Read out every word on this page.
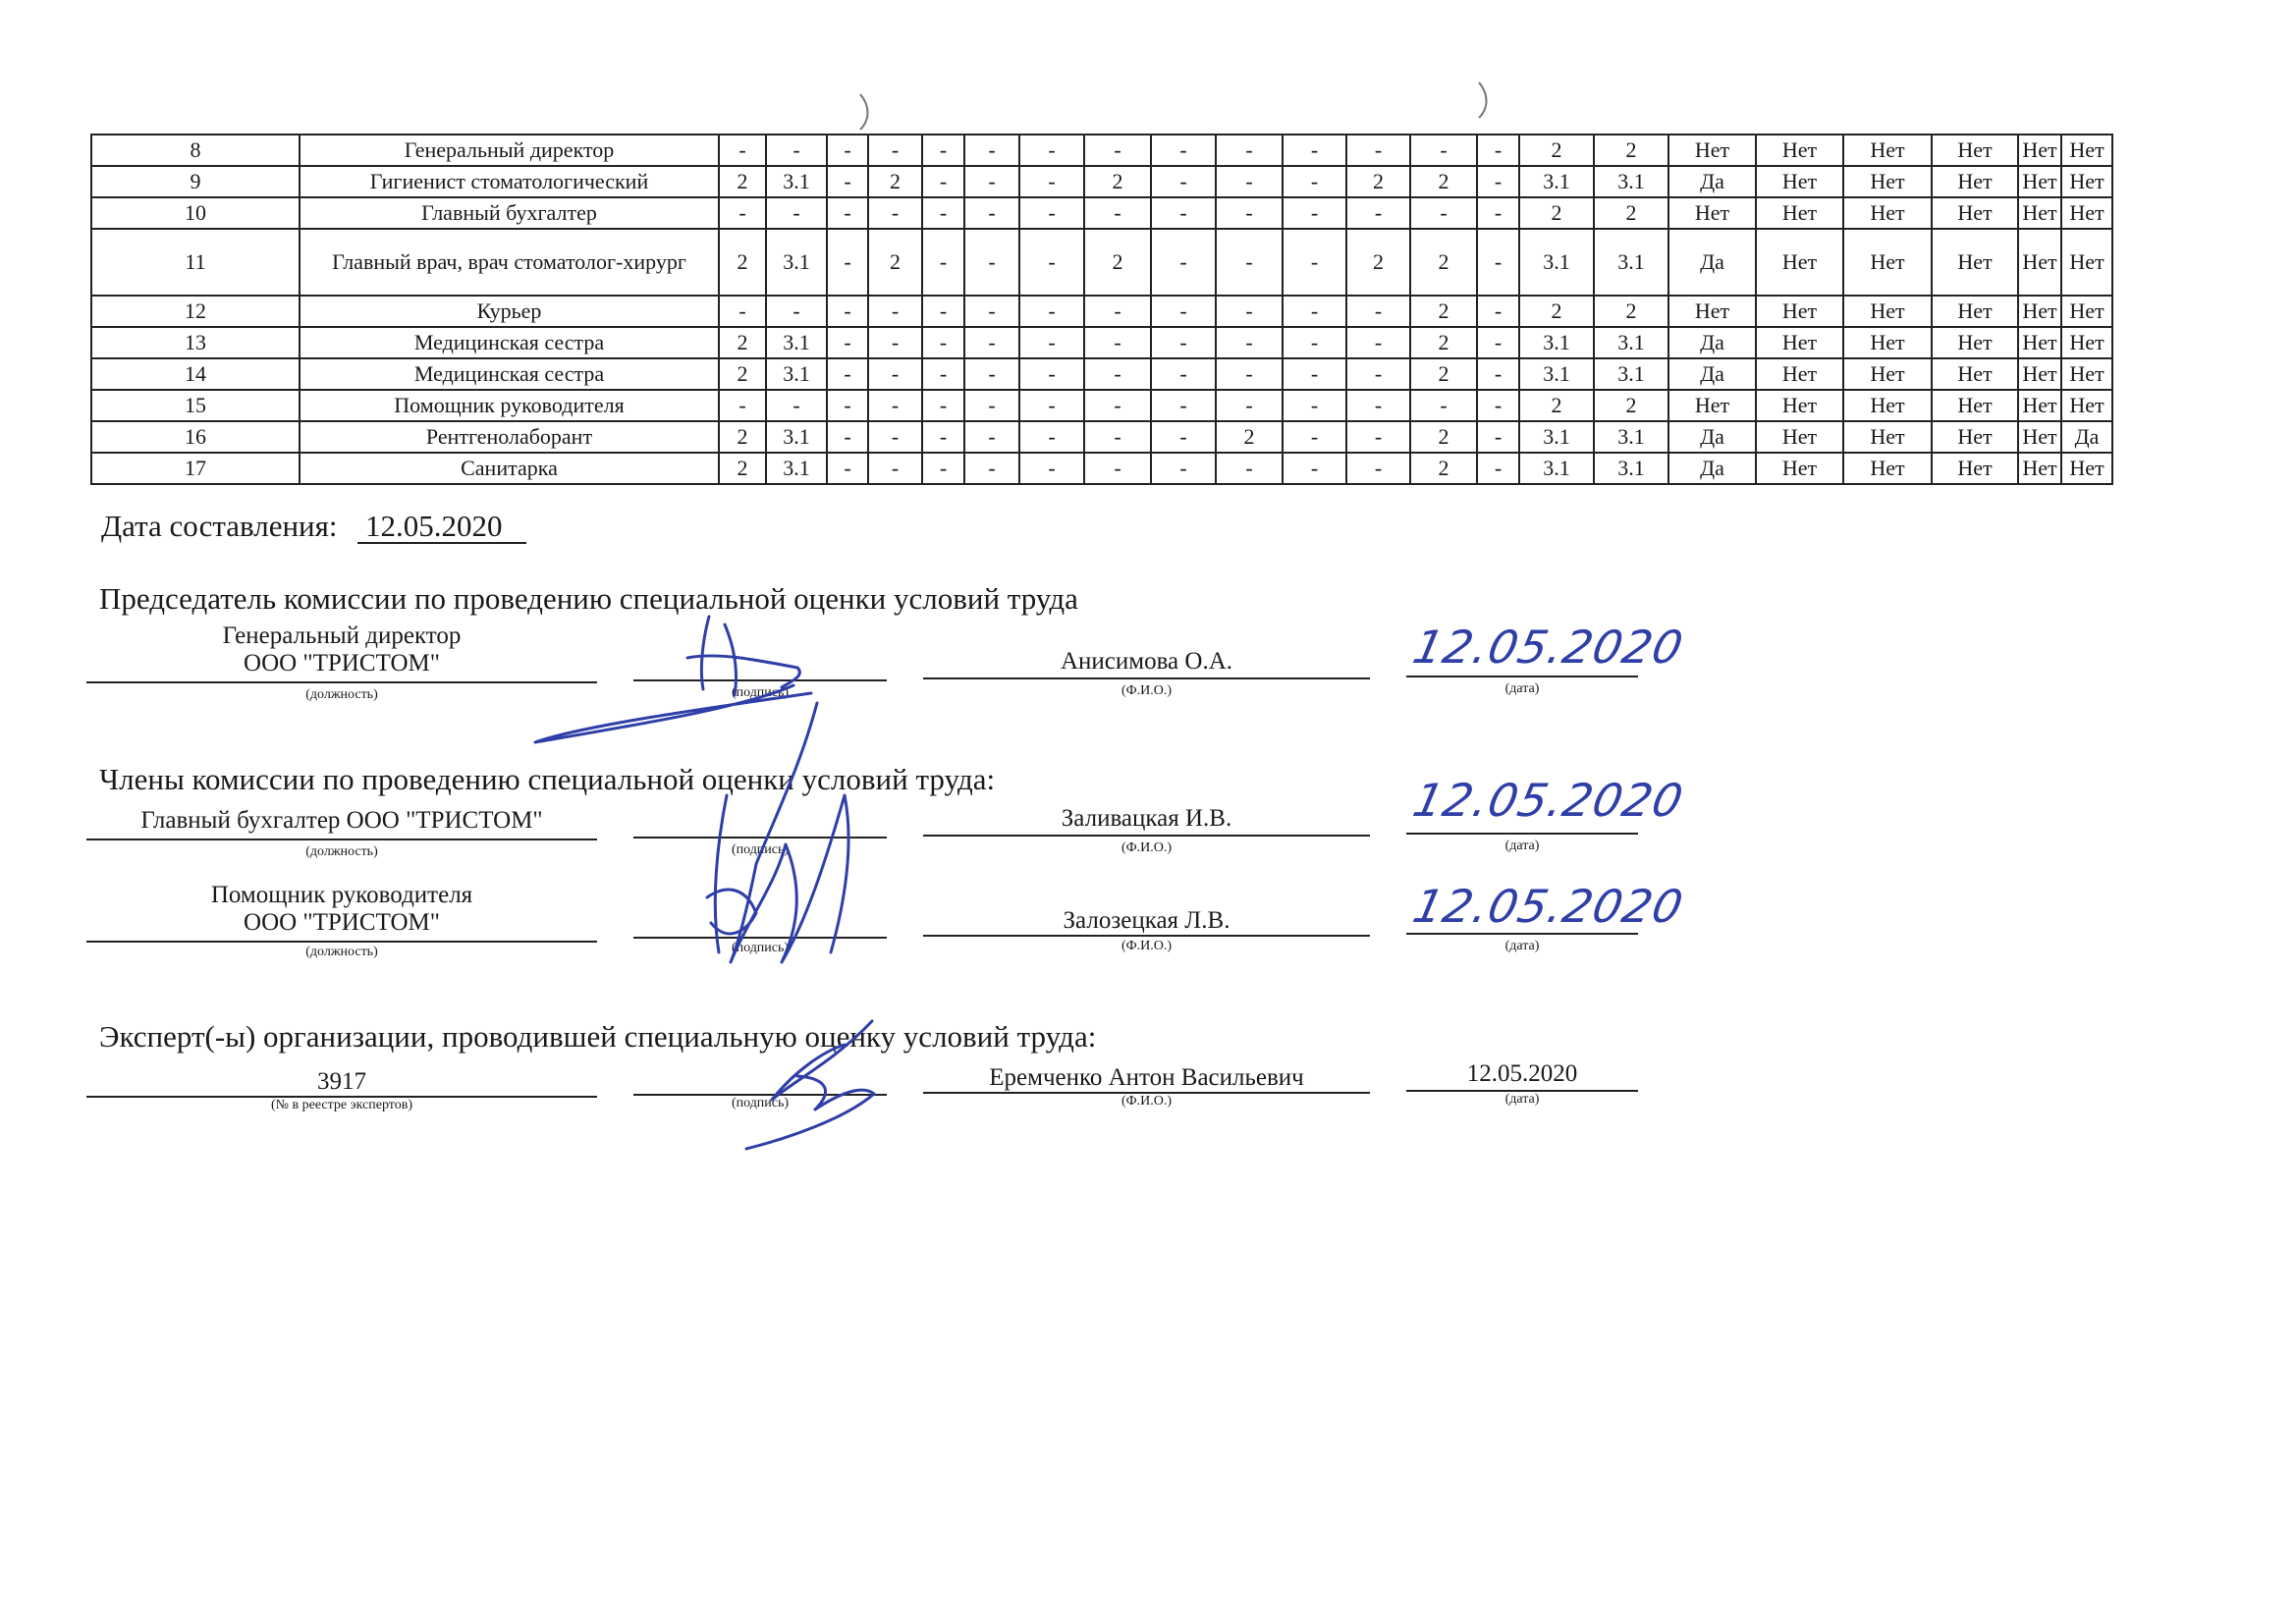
8	Генеральный директор	-	-	-	-	-	-	-	-	-	-	-	-	-	-	2	2	Нет	Нет	Нет	Нет	Нет	Нет
9	Гигиенист стоматологический	2	3.1	-	2	-	-	-	2	-	-	-	2	2	-	3.1	3.1	Да	Нет	Нет	Нет	Нет	Нет
10	Главный бухгалтер	-	-	-	-	-	-	-	-	-	-	-	-	-	-	2	2	Нет	Нет	Нет	Нет	Нет	Нет
11	Главный врач, врач стоматолог-хирург	2	3.1	-	2	-	-	-	2	-	-	-	2	2	-	3.1	3.1	Да	Нет	Нет	Нет	Нет	Нет
12	Курьер	-	-	-	-	-	-	-	-	-	-	-	-	2	-	2	2	Нет	Нет	Нет	Нет	Нет	Нет
13	Медицинская сестра	2	3.1	-	-	-	-	-	-	-	-	-	-	2	-	3.1	3.1	Да	Нет	Нет	Нет	Нет	Нет
14	Медицинская сестра	2	3.1	-	-	-	-	-	-	-	-	-	-	2	-	3.1	3.1	Да	Нет	Нет	Нет	Нет	Нет
15	Помощник руководителя	-	-	-	-	-	-	-	-	-	-	-	-	-	-	2	2	Нет	Нет	Нет	Нет	Нет	Нет
16	Рентгенолаборант	2	3.1	-	-	-	-	-	-	-	2	-	-	2	-	3.1	3.1	Да	Нет	Нет	Нет	Нет	Да
17	Санитарка	2	3.1	-	-	-	-	-	-	-	-	-	-	2	-	3.1	3.1	Да	Нет	Нет	Нет	Нет	Нет
Дата составления: 12.05.2020
Председатель комиссии по проведению специальной оценки условий труда
Генеральный директор
ООО "ТРИСТОМ"
(должность)	(подпись)
Анисимова О.А.
(Ф.И.О.)
12.05.2020
(дата)
Члены комиссии по проведению специальной оценки условий труда:
Главный бухгалтер ООО "ТРИСТОМ"
(должность)	(подпись)
Заливацкая И.В.
(Ф.И.О.)
12.05.2020
(дата)
Помощник руководителя
ООО "ТРИСТОМ"
(должность)	(подпись)
Залозецкая Л.В.
(Ф.И.О.)
12.05.2020
(дата)
Эксперт(-ы) организации, проводившей специальную оценку условий труда:
3917
(№ в реестре экспертов)	(подпись)
Еремченко Антон Васильевич
(Ф.И.О.)
12.05.2020
(дата)
